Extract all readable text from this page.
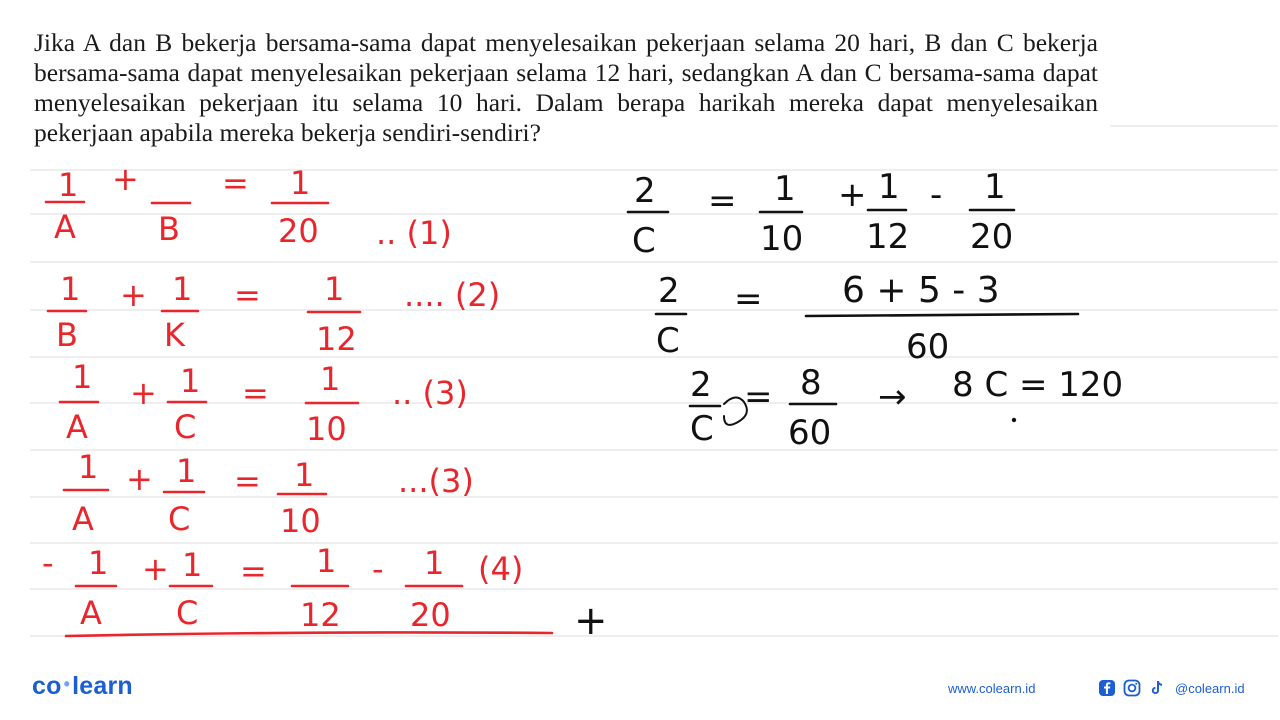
Jika A dan B bekerja bersama-sama dapat menyelesaikan pekerjaan selama 20 hari, B dan C bekerja bersama-sama dapat menyelesaikan pekerjaan selama 12 hari, sedangkan A dan C bersama-sama dapat menyelesaikan pekerjaan itu selama 10 hari. Dalam berapa harikah mereka dapat menyelesaikan pekerjaan apabila mereka bekerja sendiri-sendiri?

1
A
+
B
= 1
20 .. (1)
1
B
+ 1
K
= 1
12
.... (2)
1
A
+ 1
C
= 1
10
.. (3)
1
A
+ 1
C
= 1
10
...(3)
- 1
A
+ 1
C
= 1
12
- 1
20
(4)
+
2
C
= 1
10
+ 1
12
- 1
20
2
C
= 6 + 5 - 3
60
2
C
= 8
60
→ 8 C = 120
co •learn	www.colearn.id	@colearn.id
